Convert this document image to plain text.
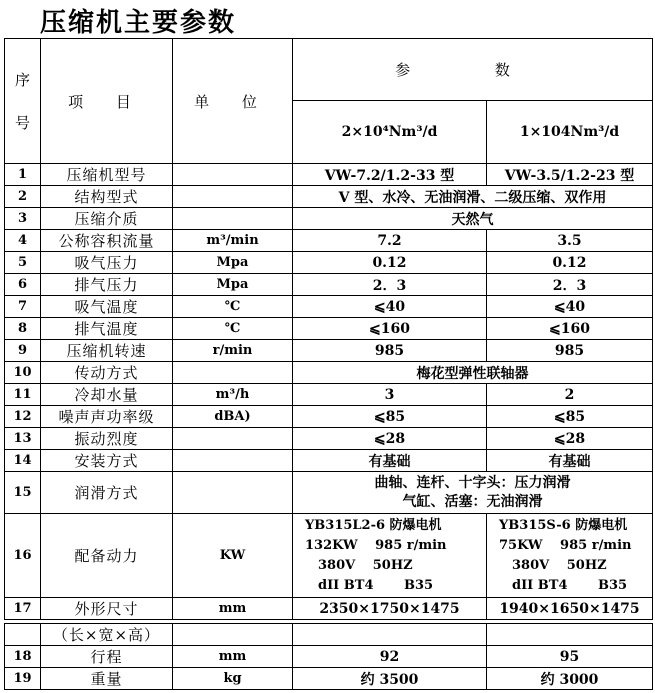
压缩机主要参数
序
号	项 目	单 位	参 数	
			2×10⁴Nm³/d	1×104Nm³/d
1	压缩机型号		VW-7.2/1.2-33 型	VW-3.5/1.2-23 型
2	结构型式		V 型、水冷、无油润滑、二级压缩、双作用	
3	压缩介质		天然气	
4	公称容积流量	m³/min	7.2	3.5
5	吸气压力	Mpa	0.12	0.12
6	排气压力	Mpa	2．3	2．3
7	吸气温度	℃	⩽40	⩽40
8	排气温度	℃	⩽160	⩽160
9	压缩机转速	r/min	985	985
10	传动方式		梅花型弹性联轴器	
11	冷却水量	m³/h	3	2
12	噪声声功率级	dBA)	⩽85	⩽85
13	振动烈度		⩽28	⩽28
14	安装方式		有基础	有基础
15	润滑方式		曲轴、连杆、十字头：压力润滑
气缸、活塞：无油润滑	

16	配备动力	KW	YB315L2-6 防爆电机
132KW　 985 r/min
　380V　 50HZ
　dII BT4　　 B35	YB315S-6 防爆电机
75KW　 985 r/min
　380V　 50HZ
　dII BT4　　 B35

17	外形尺寸	mm	2350×1750×1475	1940×1650×1475
	（长×宽×高）			
18	行程	mm	92	95
19	重量	kg	约 3500	约 3000
